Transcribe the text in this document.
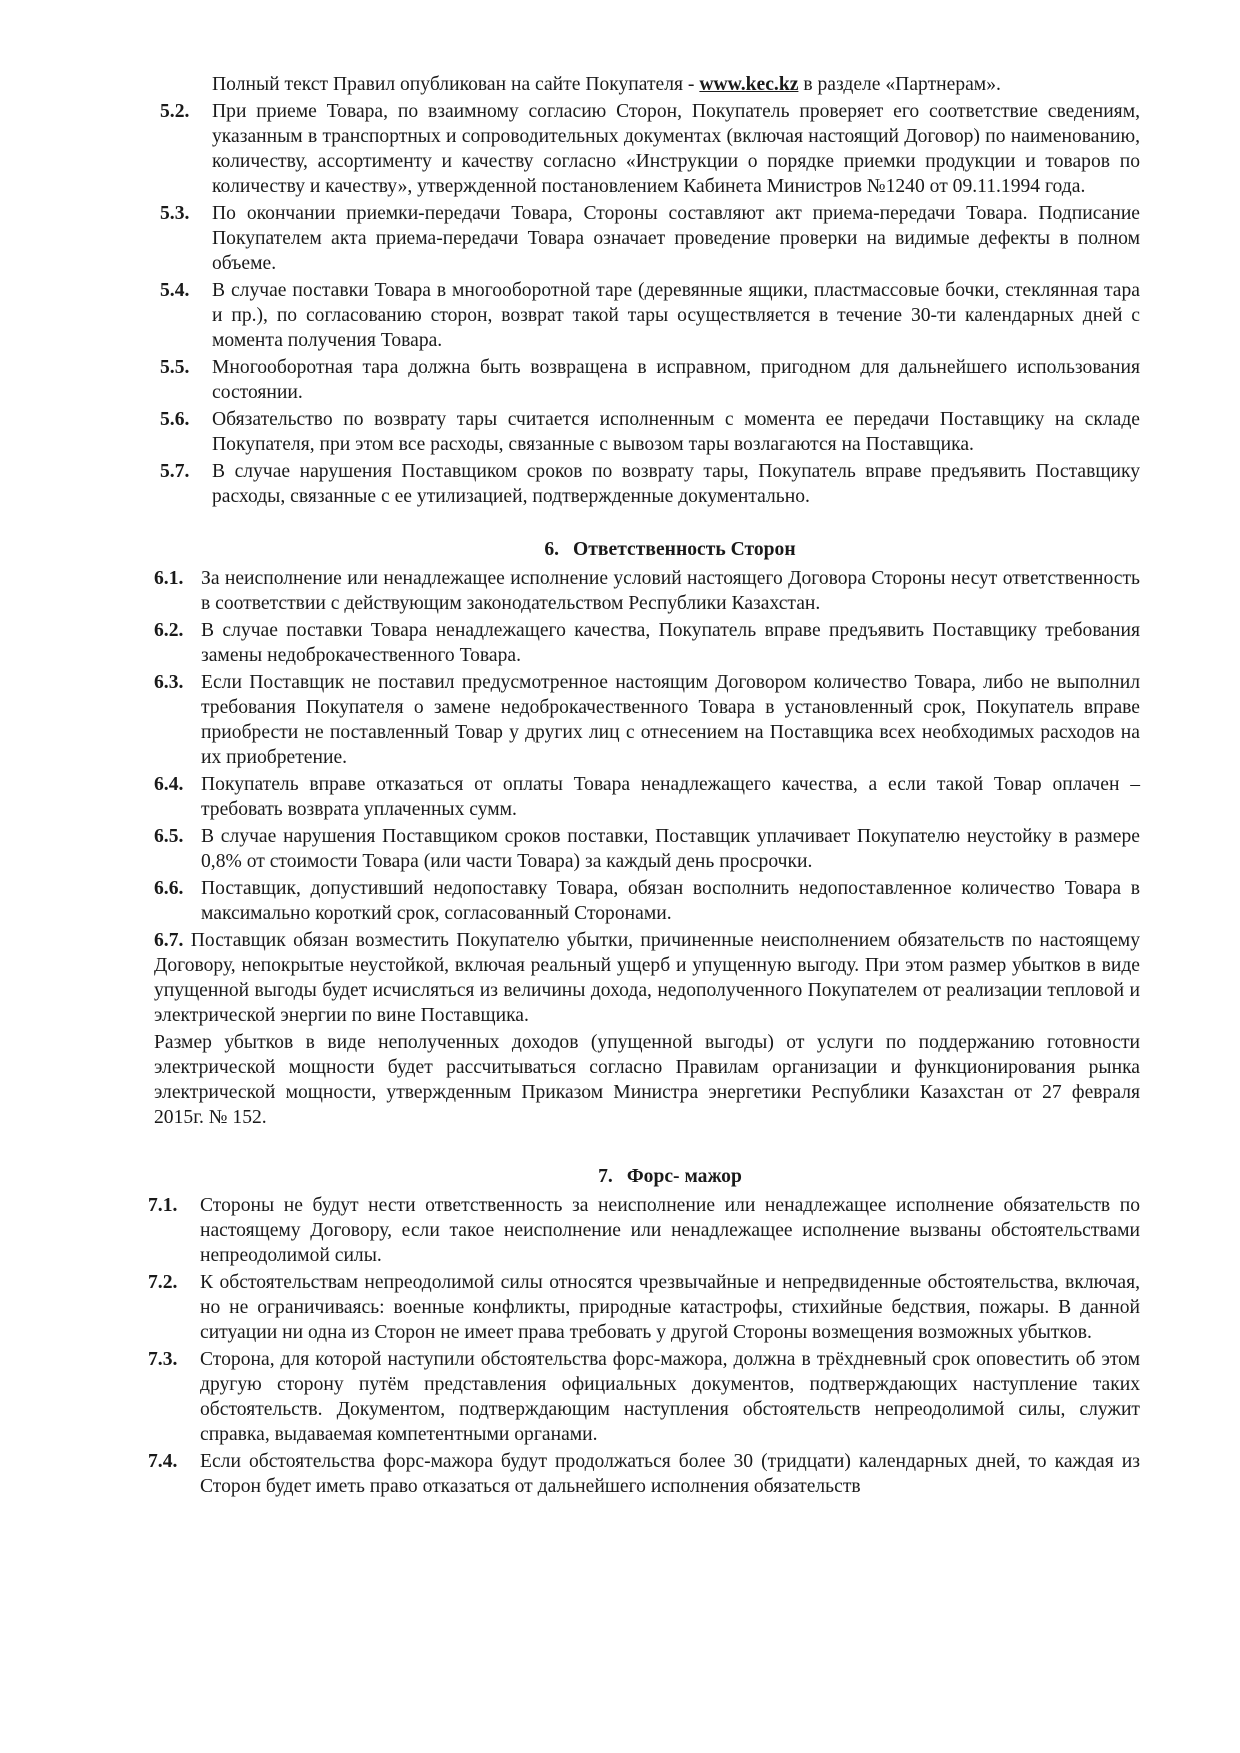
Полный текст Правил опубликован на сайте Покупателя - www.kec.kz в разделе «Партнерам».
5.2. При приеме Товара, по взаимному согласию Сторон, Покупатель проверяет его соответствие сведениям, указанным в транспортных и сопроводительных документах (включая настоящий Договор) по наименованию, количеству, ассортименту и качеству согласно «Инструкции о порядке приемки продукции и товаров по количеству и качеству», утвержденной постановлением Кабинета Министров №1240 от 09.11.1994 года.
5.3. По окончании приемки-передачи Товара, Стороны составляют акт приема-передачи Товара. Подписание Покупателем акта приема-передачи Товара означает проведение проверки на видимые дефекты в полном объеме.
5.4. В случае поставки Товара в многооборотной таре (деревянные ящики, пластмассовые бочки, стеклянная тара и пр.), по согласованию сторон, возврат такой тары осуществляется в течение 30-ти календарных дней с момента получения Товара.
5.5. Многооборотная тара должна быть возвращена в исправном, пригодном для дальнейшего использования состоянии.
5.6. Обязательство по возврату тары считается исполненным с момента ее передачи Поставщику на складе Покупателя, при этом все расходы, связанные с вывозом тары возлагаются на Поставщика.
5.7. В случае нарушения Поставщиком сроков по возврату тары, Покупатель вправе предъявить Поставщику расходы, связанные с ее утилизацией, подтвержденные документально.
6. Ответственность Сторон
6.1. За неисполнение или ненадлежащее исполнение условий настоящего Договора Стороны несут ответственность в соответствии с действующим законодательством Республики Казахстан.
6.2. В случае поставки Товара ненадлежащего качества, Покупатель вправе предъявить Поставщику требования замены недоброкачественного Товара.
6.3. Если Поставщик не поставил предусмотренное настоящим Договором количество Товара, либо не выполнил требования Покупателя о замене недоброкачественного Товара в установленный срок, Покупатель вправе приобрести не поставленный Товар у других лиц с отнесением на Поставщика всех необходимых расходов на их приобретение.
6.4. Покупатель вправе отказаться от оплаты Товара ненадлежащего качества, а если такой Товар оплачен – требовать возврата уплаченных сумм.
6.5. В случае нарушения Поставщиком сроков поставки, Поставщик уплачивает Покупателю неустойку в размере 0,8% от стоимости Товара (или части Товара) за каждый день просрочки.
6.6. Поставщик, допустивший недопоставку Товара, обязан восполнить недопоставленное количество Товара в максимально короткий срок, согласованный Сторонами.
6.7. Поставщик обязан возместить Покупателю убытки, причиненные неисполнением обязательств по настоящему Договору, непокрытые неустойкой, включая реальный ущерб и упущенную выгоду. При этом размер убытков в виде упущенной выгоды будет исчисляться из величины дохода, недополученного Покупателем от реализации тепловой и электрической энергии по вине Поставщика.
Размер убытков в виде неполученных доходов (упущенной выгоды) от услуги по поддержанию готовности электрической мощности будет рассчитываться согласно Правилам организации и функционирования рынка электрической мощности, утвержденным Приказом Министра энергетики Республики Казахстан от 27 февраля 2015г. № 152.
7. Форс- мажор
7.1. Стороны не будут нести ответственность за неисполнение или ненадлежащее исполнение обязательств по настоящему Договору, если такое неисполнение или ненадлежащее исполнение вызваны обстоятельствами непреодолимой силы.
7.2. К обстоятельствам непреодолимой силы относятся чрезвычайные и непредвиденные обстоятельства, включая, но не ограничиваясь: военные конфликты, природные катастрофы, стихийные бедствия, пожары. В данной ситуации ни одна из Сторон не имеет права требовать у другой Стороны возмещения возможных убытков.
7.3. Сторона, для которой наступили обстоятельства форс-мажора, должна в трёхдневный срок оповестить об этом другую сторону путём представления официальных документов, подтверждающих наступление таких обстоятельств. Документом, подтверждающим наступления обстоятельств непреодолимой силы, служит справка, выдаваемая компетентными органами.
7.4. Если обстоятельства форс-мажора будут продолжаться более 30 (тридцати) календарных дней, то каждая из Сторон будет иметь право отказаться от дальнейшего исполнения обязательств
